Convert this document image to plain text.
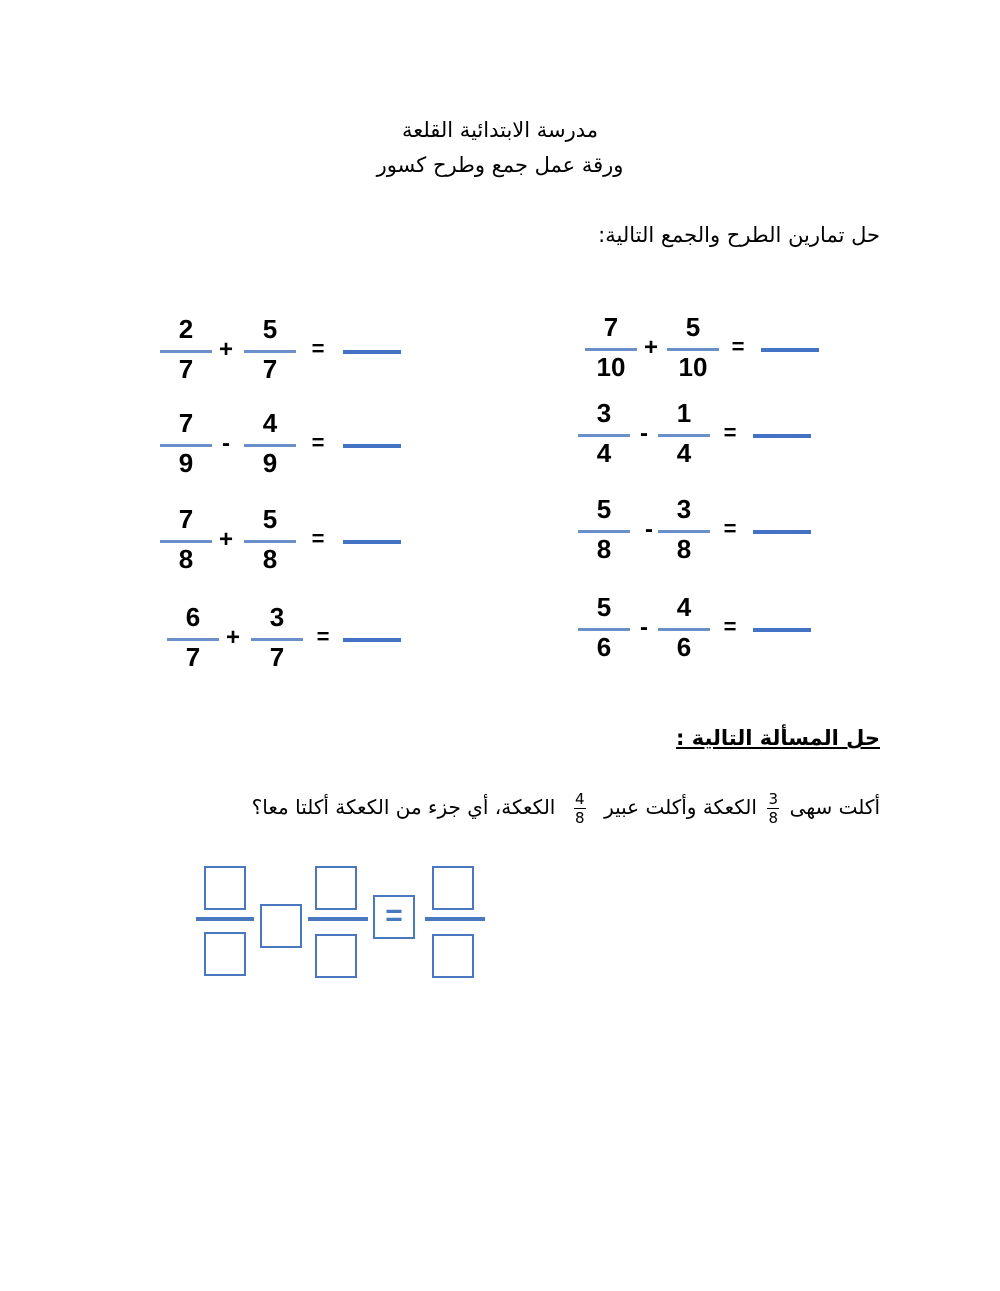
مدرسة الابتدائية القلعة
ورقة عمل جمع وطرح كسور
حل تمارين الطرح والجمع التالية:
2
7
+
5
7
=
7
9
-
4
9
=
7
8
+
5
8
=
6
7
+
3
7
=
7
10
+
5
10
=
3
4
-
1
4
=
5
8
-
3
8
=
5
6
-
4
6
=
حل المسألة التالية :
أكلت سهى
$\frac{3}{8}$
الكعكة وأكلت عبير
$\frac{4}{8}$
الكعكة، أي جزء من الكعكة أكلتا معا؟
=
